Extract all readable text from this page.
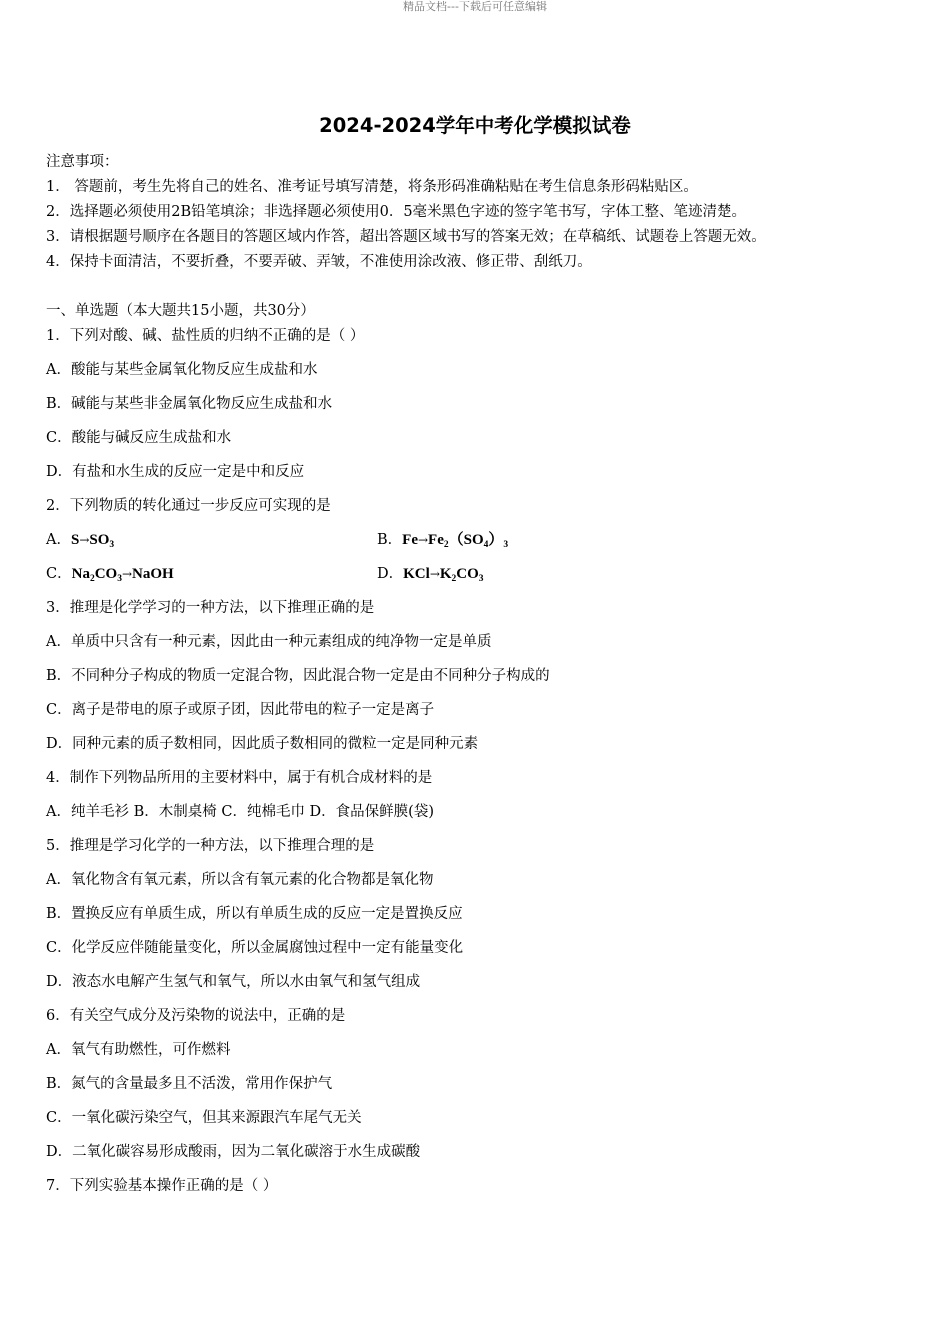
精品文档---下载后可任意编辑
2024-2024学年中考化学模拟试卷
注意事项：
1． 答题前，考生先将自己的姓名、准考证号填写清楚，将条形码准确粘贴在考生信息条形码粘贴区。
2．选择题必须使用2B铅笔填涂；非选择题必须使用0．5毫米黑色字迹的签字笔书写，字体工整、笔迹清楚。
3．请根据题号顺序在各题目的答题区域内作答，超出答题区域书写的答案无效；在草稿纸、试题卷上答题无效。
4．保持卡面清洁，不要折叠，不要弄破、弄皱，不准使用涂改液、修正带、刮纸刀。
一、单选题（本大题共15小题，共30分）
1．下列对酸、碱、盐性质的归纳不正确的是（ ）
A．酸能与某些金属氧化物反应生成盐和水
B．碱能与某些非金属氧化物反应生成盐和水
C．酸能与碱反应生成盐和水
D．有盐和水生成的反应一定是中和反应
2．下列物质的转化通过一步反应可实现的是
A．$S\to SO_3$	B．$Fe\to Fe_2(SO_4)_3$
C．$Na_2CO_3\to NaOH$	D．$KCl\to K_2CO_3$
3．推理是化学学习的一种方法，以下推理正确的是
A．单质中只含有一种元素，因此由一种元素组成的纯净物一定是单质
B．不同种分子构成的物质一定混合物，因此混合物一定是由不同种分子构成的
C．离子是带电的原子或原子团，因此带电的粒子一定是离子
D．同种元素的质子数相同，因此质子数相同的微粒一定是同种元素
4．制作下列物品所用的主要材料中，属于有机合成材料的是
A．纯羊毛衫 B．木制桌椅 C．纯棉毛巾 D．食品保鲜膜(袋)
5．推理是学习化学的一种方法，以下推理合理的是
A．氧化物含有氧元素，所以含有氧元素的化合物都是氧化物
B．置换反应有单质生成，所以有单质生成的反应一定是置换反应
C．化学反应伴随能量变化，所以金属腐蚀过程中一定有能量变化
D．液态水电解产生氢气和氧气，所以水由氧气和氢气组成
6．有关空气成分及污染物的说法中，正确的是
A．氧气有助燃性，可作燃料
B．氮气的含量最多且不活泼，常用作保护气
C．一氧化碳污染空气，但其来源跟汽车尾气无关
D．二氧化碳容易形成酸雨，因为二氧化碳溶于水生成碳酸
7．下列实验基本操作正确的是（ ）
